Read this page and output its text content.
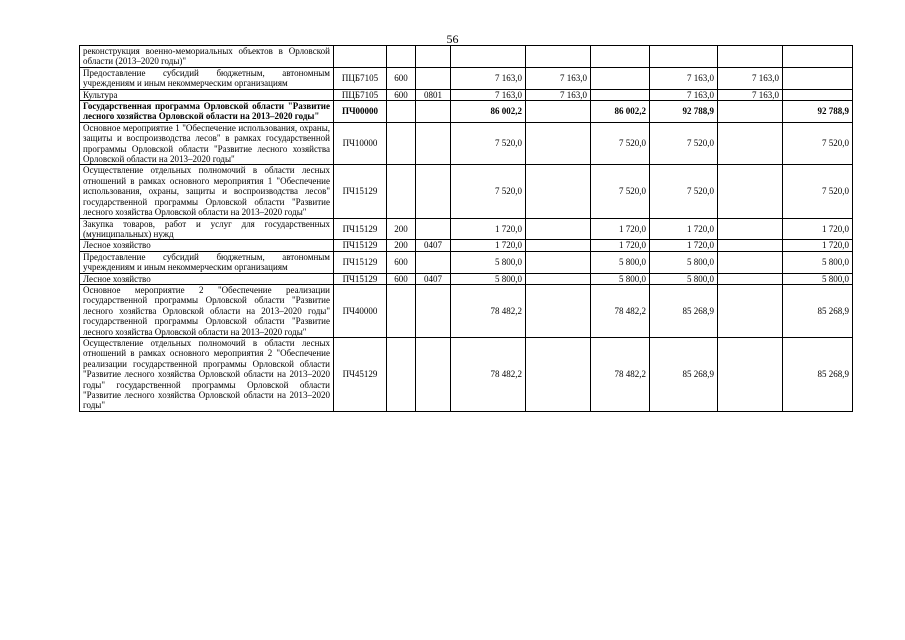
56
реконструкция военно-мемориальных объектов в Орловской области (2013–2020 годы)"									
Предоставление субсидий бюджетным, автономным учреждениям и иным некоммерческим организациям	ПЦБ7105	600		7 163,0	7 163,0		7 163,0	7 163,0	
Культура	ПЦБ7105	600	0801	7 163,0	7 163,0		7 163,0	7 163,0	
Государственная программа Орловской области "Развитие лесного хозяйства Орловской области на 2013–2020 годы"	ПЧ00000			86 002,2		86 002,2	92 788,9		92 788,9
Основное мероприятие 1 "Обеспечение использования, охраны, защиты и воспроизводства лесов" в рамках государственной программы Орловской области "Развитие лесного хозяйства Орловской области на 2013–2020 годы"	ПЧ10000			7 520,0		7 520,0	7 520,0		7 520,0
Осуществление отдельных полномочий в области лесных отношений в рамках основного мероприятия 1 "Обеспечение использования, охраны, защиты и воспроизводства лесов" государственной программы Орловской области "Развитие лесного хозяйства Орловской области на 2013–2020 годы"	ПЧ15129			7 520,0		7 520,0	7 520,0		7 520,0
Закупка товаров, работ и услуг для государственных (муниципальных) нужд	ПЧ15129	200		1 720,0		1 720,0	1 720,0		1 720,0
Лесное хозяйство	ПЧ15129	200	0407	1 720,0		1 720,0	1 720,0		1 720,0
Предоставление субсидий бюджетным, автономным учреждениям и иным некоммерческим организациям	ПЧ15129	600		5 800,0		5 800,0	5 800,0		5 800,0
Лесное хозяйство	ПЧ15129	600	0407	5 800,0		5 800,0	5 800,0		5 800,0
Основное мероприятие 2 "Обеспечение реализации государственной программы Орловской области "Развитие лесного хозяйства Орловской области на 2013–2020 годы" государственной программы Орловской области "Развитие лесного хозяйства Орловской области на 2013–2020 годы"	ПЧ40000			78 482,2		78 482,2	85 268,9		85 268,9
Осуществление отдельных полномочий в области лесных отношений в рамках основного мероприятия 2 "Обеспечение реализации государственной программы Орловской области "Развитие лесного хозяйства Орловской области на 2013–2020 годы" государственной программы Орловской области "Развитие лесного хозяйства Орловской области на 2013–2020 годы"	ПЧ45129			78 482,2		78 482,2	85 268,9		85 268,9
